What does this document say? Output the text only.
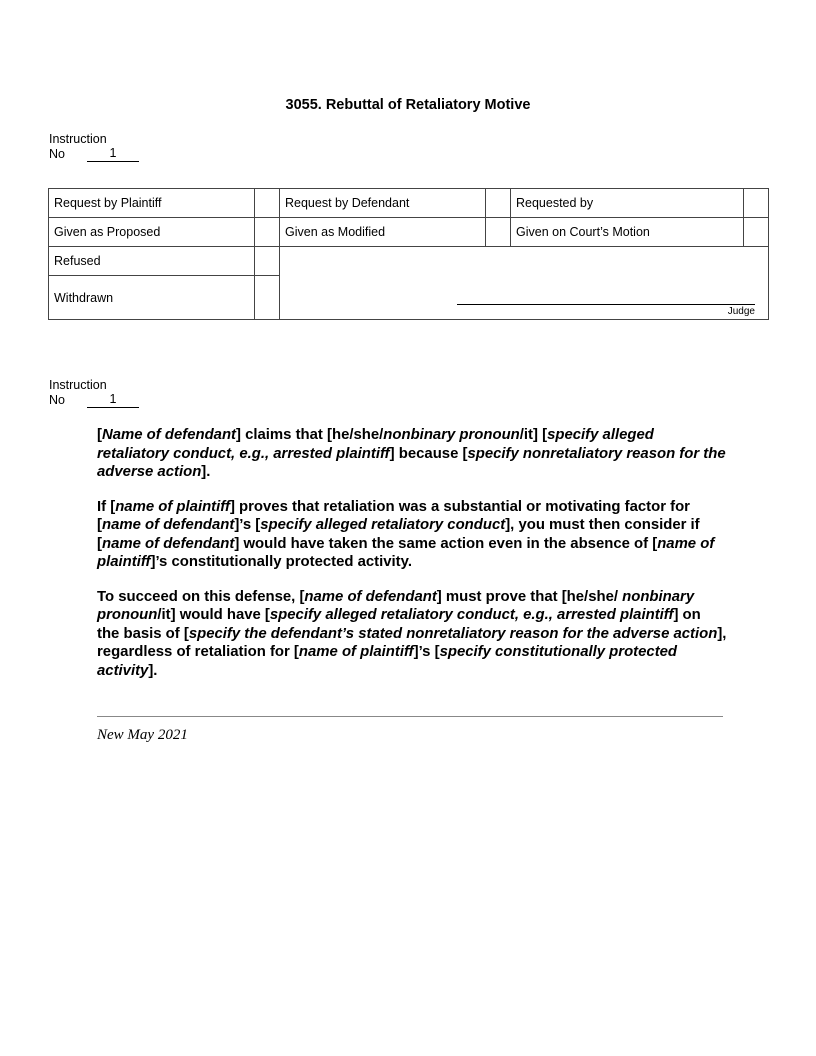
3055. Rebuttal of Retaliatory Motive
Instruction
No	1
Request by Plaintiff		Request by Defendant		Requested by	
Given as Proposed		Given as Modified		Given on Court’s Motion	
Refused		Judge			

Withdrawn					
Instruction
No	1

[Name of defendant] claims that [he/she/nonbinary pronoun/it] [specify alleged retaliatory conduct, e.g., arrested plaintiff] because [specify nonretaliatory reason for the adverse action].

If [name of plaintiff] proves that retaliation was a substantial or motivating factor for [name of defendant]’s [specify alleged retaliatory conduct], you must then consider if [name of defendant] would have taken the same action even in the absence of [name of plaintiff]’s constitutionally protected activity.

To succeed on this defense, [name of defendant] must prove that [he/she/ nonbinary pronoun/it] would have [specify alleged retaliatory conduct, e.g., arrested plaintiff] on the basis of [specify the defendant’s stated nonretaliatory reason for the adverse action], regardless of retaliation for [name of plaintiff]’s [specify constitutionally protected activity].

New May 2021
